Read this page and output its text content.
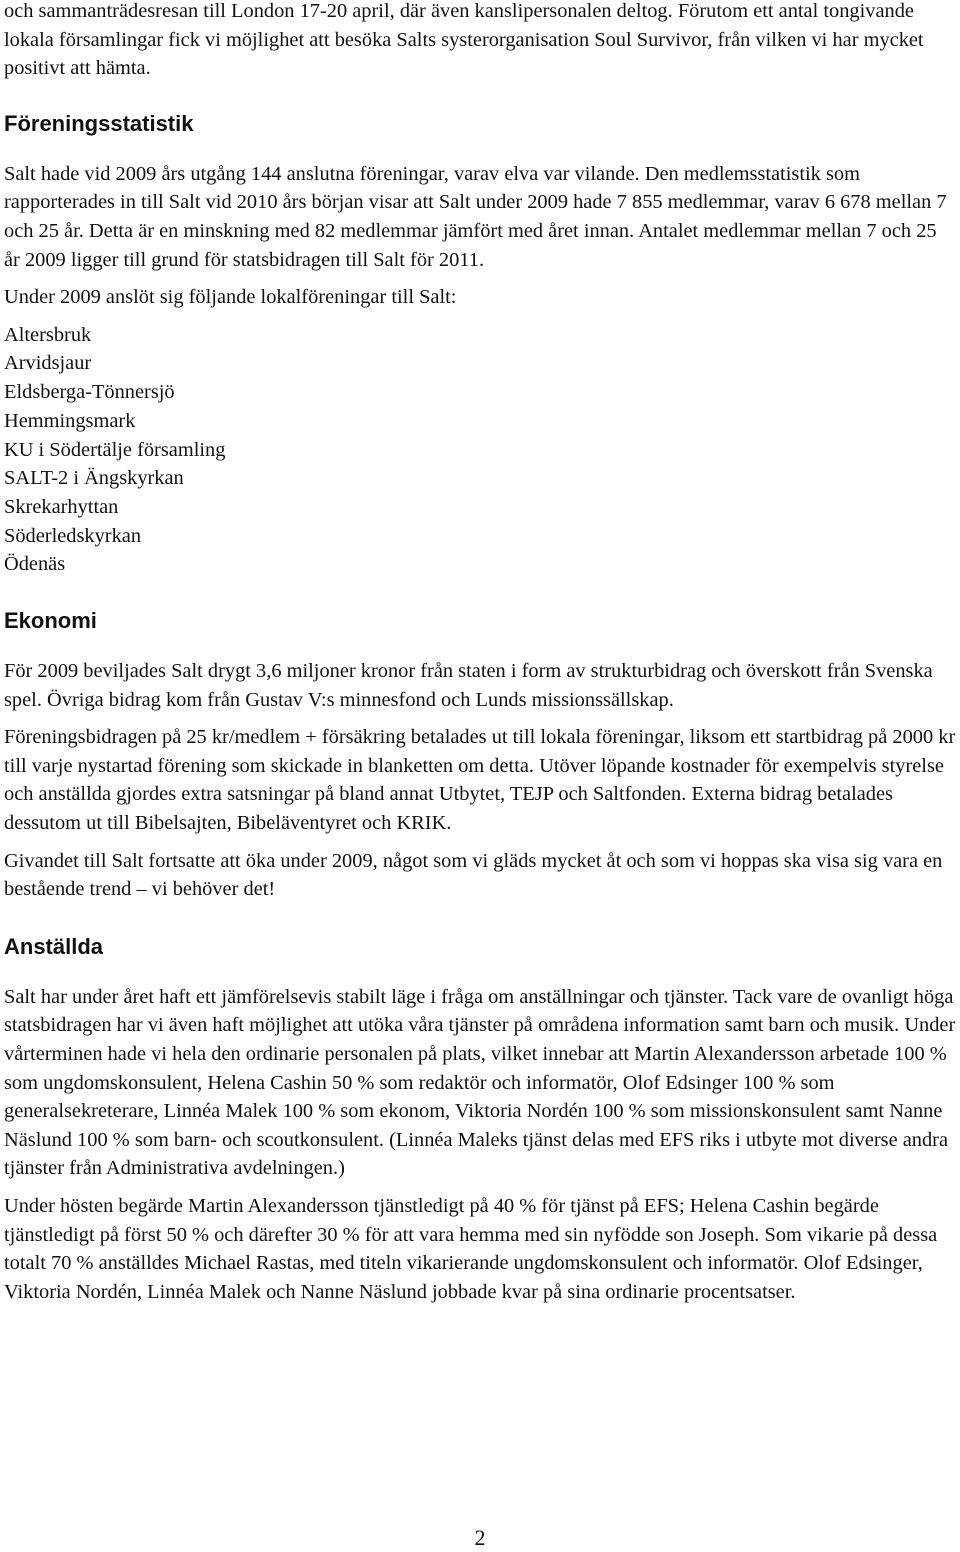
och sammanträdesresan till London 17-20 april, där även kanslipersonalen deltog. Förutom ett antal tongivande lokala församlingar fick vi möjlighet att besöka Salts systerorganisation Soul Survivor, från vilken vi har mycket positivt att hämta.

Föreningsstatistik

Salt hade vid 2009 års utgång 144 anslutna föreningar, varav elva var vilande. Den medlemsstatistik som rapporterades in till Salt vid 2010 års början visar att Salt under 2009 hade 7 855 medlemmar, varav 6 678 mellan 7 och 25 år. Detta är en minskning med 82 medlemmar jämfört med året innan. Antalet medlemmar mellan 7 och 25 år 2009 ligger till grund för statsbidragen till Salt för 2011.

Under 2009 anslöt sig följande lokalföreningar till Salt:

Altersbruk
Arvidsjaur
Eldsberga-Tönnersjö
Hemmingsmark
KU i Södertälje församling
SALT-2 i Ängskyrkan
Skrekarhyttan
Söderledskyrkan
Ödenäs
Ekonomi

För 2009 beviljades Salt drygt 3,6 miljoner kronor från staten i form av strukturbidrag och överskott från Svenska spel. Övriga bidrag kom från Gustav V:s minnesfond och Lunds missionssällskap.

Föreningsbidragen på 25 kr/medlem + försäkring betalades ut till lokala föreningar, liksom ett startbidrag på 2000 kr till varje nystartad förening som skickade in blanketten om detta. Utöver löpande kostnader för exempelvis styrelse och anställda gjordes extra satsningar på bland annat Utbytet, TEJP och Saltfonden. Externa bidrag betalades dessutom ut till Bibelsajten, Bibeläventyret och KRIK.

Givandet till Salt fortsatte att öka under 2009, något som vi gläds mycket åt och som vi hoppas ska visa sig vara en bestående trend – vi behöver det!

Anställda

Salt har under året haft ett jämförelsevis stabilt läge i fråga om anställningar och tjänster. Tack vare de ovanligt höga statsbidragen har vi även haft möjlighet att utöka våra tjänster på områdena information samt barn och musik. Under vårterminen hade vi hela den ordinarie personalen på plats, vilket innebar att Martin Alexandersson arbetade 100 % som ungdomskonsulent, Helena Cashin 50 % som redaktör och informatör, Olof Edsinger 100 % som generalsekreterare, Linnéa Malek 100 % som ekonom, Viktoria Nordén 100 % som missionskonsulent samt Nanne Näslund 100 % som barn- och scoutkonsulent. (Linnéa Maleks tjänst delas med EFS riks i utbyte mot diverse andra tjänster från Administrativa avdelningen.)

Under hösten begärde Martin Alexandersson tjänstledigt på 40 % för tjänst på EFS; Helena Cashin begärde tjänstledigt på först 50 % och därefter 30 % för att vara hemma med sin nyfödde son Joseph. Som vikarie på dessa totalt 70 % anställdes Michael Rastas, med titeln vikarierande ungdomskonsulent och informatör. Olof Edsinger, Viktoria Nordén, Linnéa Malek och Nanne Näslund jobbade kvar på sina ordinarie procentsatser.

2
